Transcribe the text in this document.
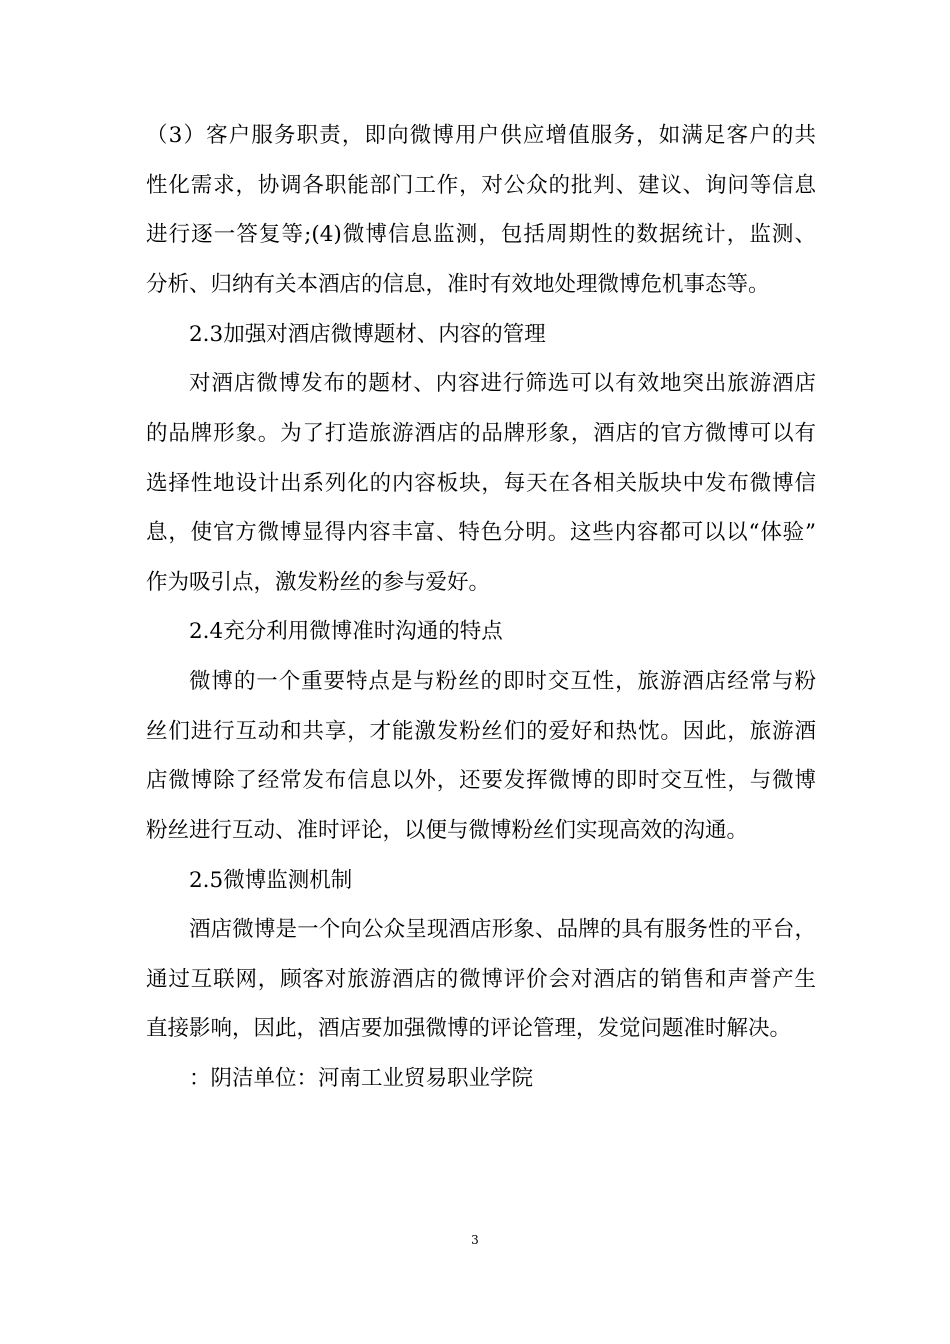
（3）客户服务职责，即向微博用户供应增值服务，如满足客户的共

性化需求，协调各职能部门工作，对公众的批判、建议、询问等信息

进行逐一答复等;(4)微博信息监测，包括周期性的数据统计，监测、

分析、归纳有关本酒店的信息，准时有效地处理微博危机事态等。

2.3加强对酒店微博题材、内容的管理

对酒店微博发布的题材、内容进行筛选可以有效地突出旅游酒店

的品牌形象。为了打造旅游酒店的品牌形象，酒店的官方微博可以有

选择性地设计出系列化的内容板块，每天在各相关版块中发布微博信

息，使官方微博显得内容丰富、特色分明。这些内容都可以以“体验”

作为吸引点，激发粉丝的参与爱好。

2.4充分利用微博准时沟通的特点

微博的一个重要特点是与粉丝的即时交互性，旅游酒店经常与粉

丝们进行互动和共享，才能激发粉丝们的爱好和热忱。因此，旅游酒

店微博除了经常发布信息以外，还要发挥微博的即时交互性，与微博

粉丝进行互动、准时评论，以便与微博粉丝们实现高效的沟通。

2.5微博监测机制

酒店微博是一个向公众呈现酒店形象、品牌的具有服务性的平台，

通过互联网，顾客对旅游酒店的微博评价会对酒店的销售和声誉产生

直接影响，因此，酒店要加强微博的评论管理，发觉问题准时解决。

：阴洁单位：河南工业贸易职业学院

3
